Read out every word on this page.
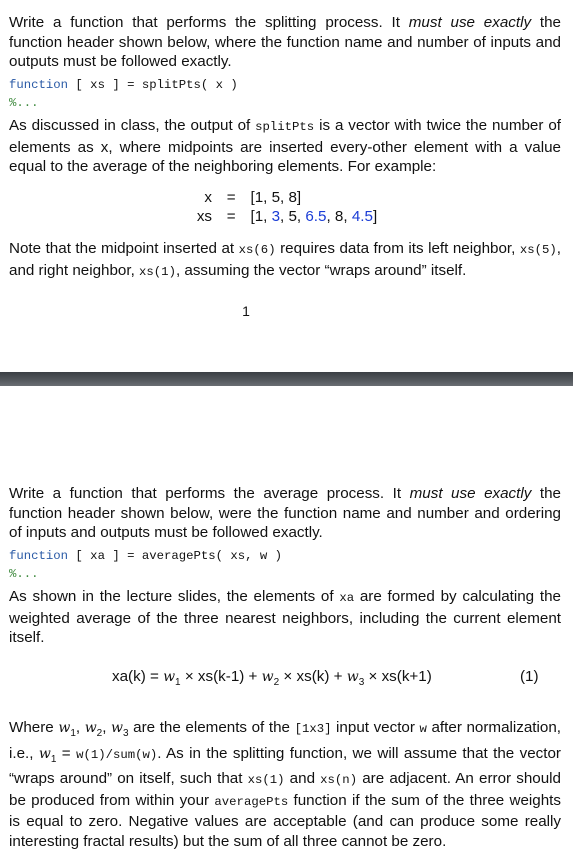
Write a function that performs the splitting process. It must use exactly the function header shown below, where the function name and number of inputs and outputs must be followed exactly.

function [ xs ] = splitPts( x )
%...

As discussed in class, the output of splitPts is a vector with twice the number of elements as x, where midpoints are inserted every-other element with a value equal to the average of the neighboring elements. For example:

x = [1, 5, 8]
xs = [1, 3, 5, 6.5, 8, 4.5]

Note that the midpoint inserted at xs(6) requires data from its left neighbor, xs(5), and right neighbor, xs(1), assuming the vector “wraps around” itself.

1

Write a function that performs the average process. It must use exactly the function header shown below, were the function name and number and ordering of inputs and outputs must be followed exactly.

function [ xa ] = averagePts( xs, w )
%...

As shown in the lecture slides, the elements of xa are formed by calculating the weighted average of the three nearest neighbors, including the current element itself.

$xa(k) = w_1 \times xs(k-1) + w_2 \times xs(k) + w_3 \times xs(k+1)$	(1)

Where $w_1$, $w_2$, $w_3$ are the elements of the [1x3] input vector w after normalization, i.e., $w_1 = w(1)/sum(w)$. As in the splitting function, we will assume that the vector “wraps around” on itself, such that xs(1) and xs(n) are adjacent. An error should be produced from within your averagePts function if the sum of the three weights is equal to zero. Negative values are acceptable (and can produce some really interesting fractal results) but the sum of all three cannot be zero.
